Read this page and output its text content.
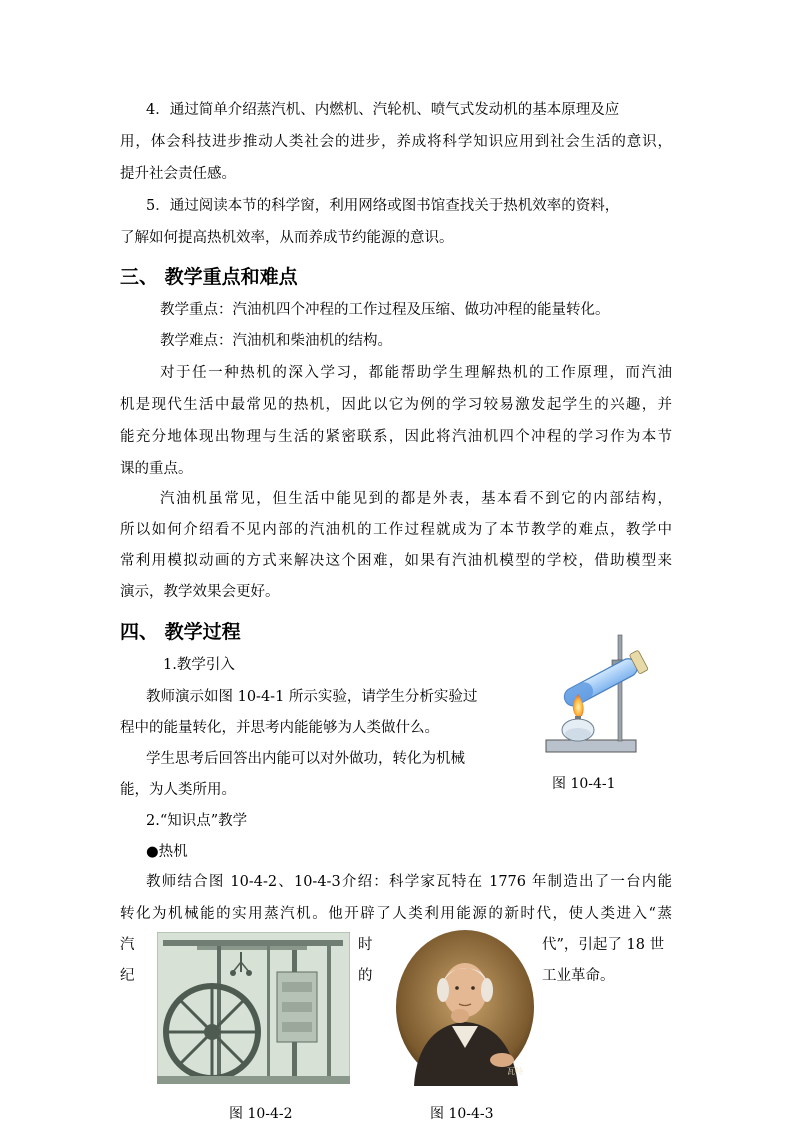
4．通过简单介绍蒸汽机、内燃机、汽轮机、喷气式发动机的基本原理及应
用，体会科技进步推动人类社会的进步，养成将科学知识应用到社会生活的意识，
提升社会责任感。
5．通过阅读本节的科学窗，利用网络或图书馆查找关于热机效率的资料，
了解如何提高热机效率，从而养成节约能源的意识。
三、 教学重点和难点
教学重点：汽油机四个冲程的工作过程及压缩、做功冲程的能量转化。
教学难点：汽油机和柴油机的结构。
对于任一种热机的深入学习，都能帮助学生理解热机的工作原理，而汽油
机是现代生活中最常见的热机，因此以它为例的学习较易激发起学生的兴趣，并
能充分地体现出物理与生活的紧密联系，因此将汽油机四个冲程的学习作为本节
课的重点。
汽油机虽常见，但生活中能见到的都是外表，基本看不到它的内部结构，
所以如何介绍看不见内部的汽油机的工作过程就成为了本节教学的难点，教学中
常利用模拟动画的方式来解决这个困难，如果有汽油机模型的学校，借助模型来
演示，教学效果会更好。
四、 教学过程
1.教学引入
教师演示如图 10-4-1 所示实验，请学生分析实验过
程中的能量转化，并思考内能能够为人类做什么。
学生思考后回答出内能可以对外做功，转化为机械
能，为人类所用。	图 10-4-1
2.“知识点”教学
●热机
教师结合图 10-4-2、10-4-3介绍：科学家瓦特在 1776 年制造出了一台内能
转化为机械能的实用蒸汽机。他开辟了人类利用能源的新时代，使人类进入“蒸
汽	时	代”，引起了 18 世
纪	的	工业革命。
图 10-4-2
瓦特
图 10-4-3
